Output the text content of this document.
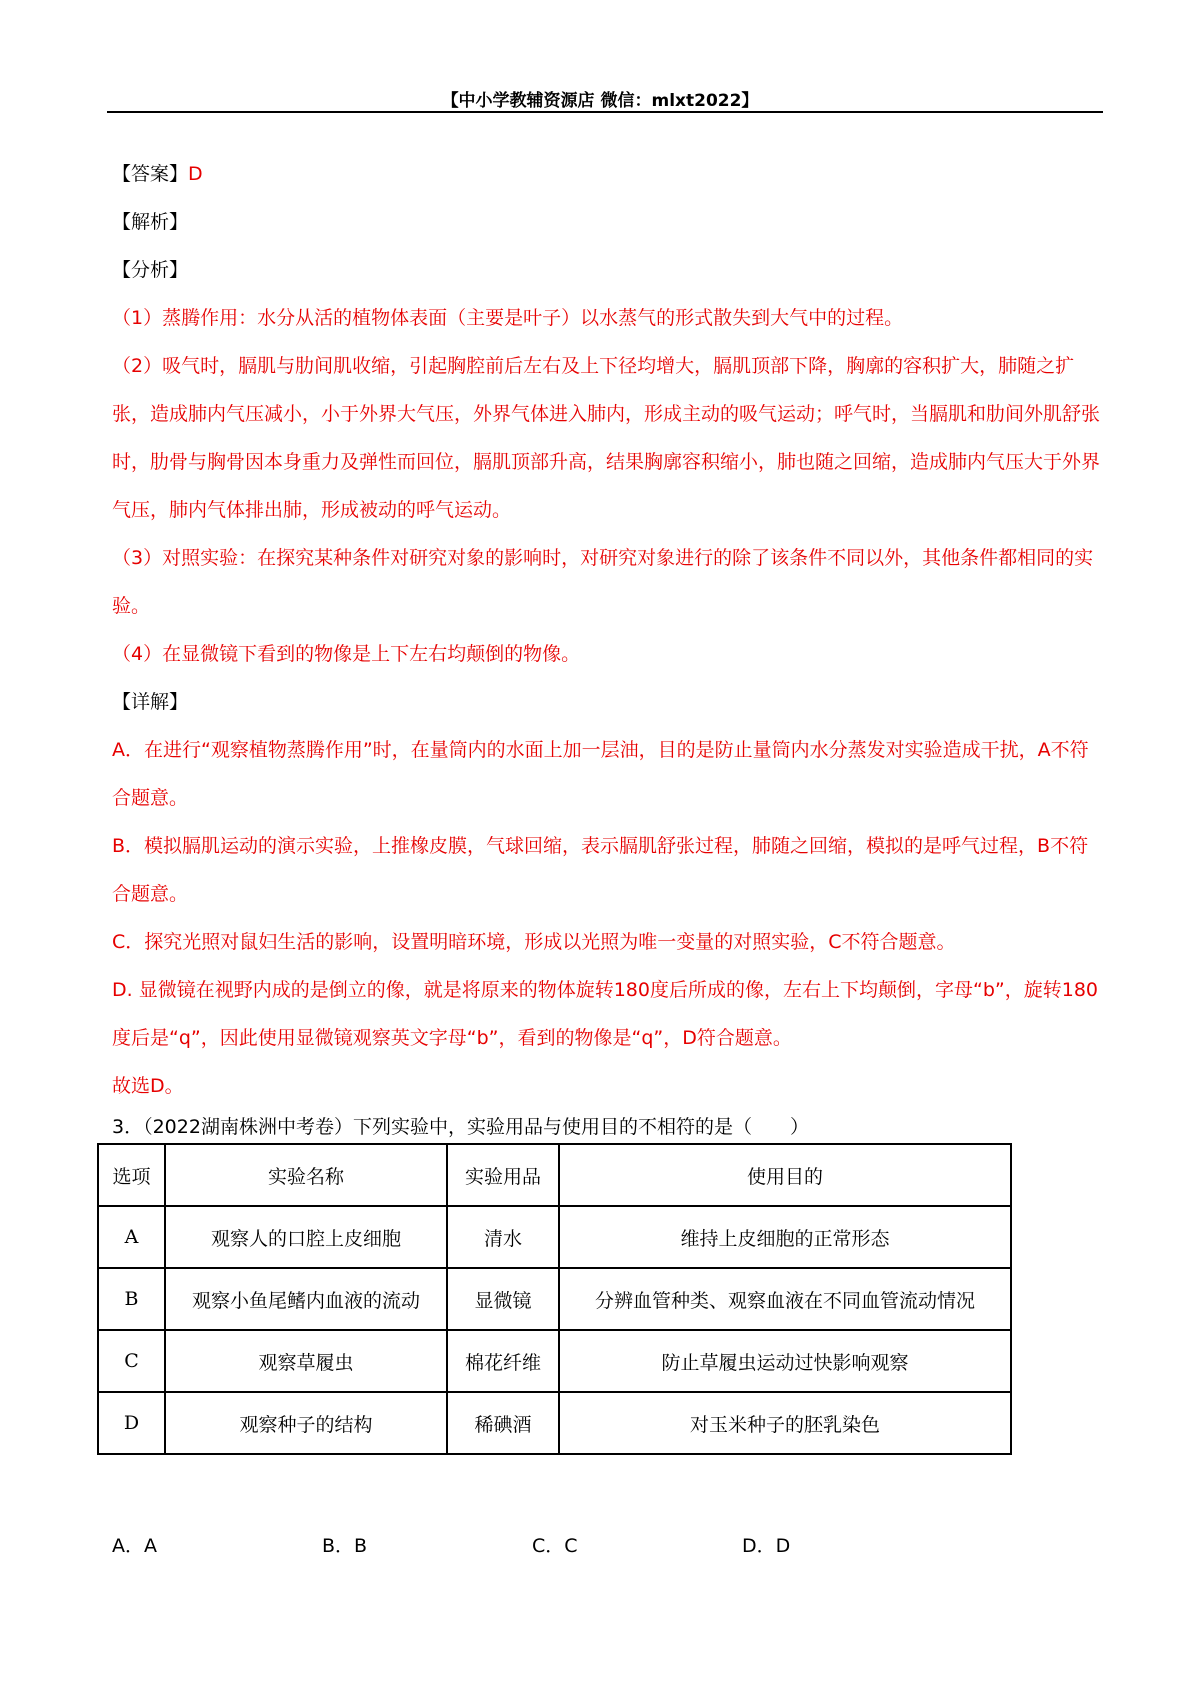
【中小学教辅资源店 微信：mlxt2022】

【答案】D

【解析】

【分析】

（1）蒸腾作用：水分从活的植物体表面（主要是叶子）以水蒸气的形式散失到大气中的过程。

（2）吸气时，膈肌与肋间肌收缩，引起胸腔前后左右及上下径均增大，膈肌顶部下降，胸廓的容积扩大，肺随之扩张，造成肺内气压减小，小于外界大气压，外界气体进入肺内，形成主动的吸气运动；呼气时，当膈肌和肋间外肌舒张时，肋骨与胸骨因本身重力及弹性而回位，膈肌顶部升高，结果胸廓容积缩小，肺也随之回缩，造成肺内气压大于外界气压，肺内气体排出肺，形成被动的呼气运动。

（3）对照实验：在探究某种条件对研究对象的影响时，对研究对象进行的除了该条件不同以外，其他条件都相同的实验。

（4）在显微镜下看到的物像是上下左右均颠倒的物像。

【详解】

A．在进行“观察植物蒸腾作用”时，在量筒内的水面上加一层油，目的是防止量筒内水分蒸发对实验造成干扰，A不符合题意。

B．模拟膈肌运动的演示实验，上推橡皮膜，气球回缩，表示膈肌舒张过程，肺随之回缩，模拟的是呼气过程，B不符合题意。

C．探究光照对鼠妇生活的影响，设置明暗环境，形成以光照为唯一变量的对照实验，C不符合题意。

D. 显微镜在视野内成的是倒立的像，就是将原来的物体旋转180度后所成的像，左右上下均颠倒，字母“b”，旋转180度后是“q”，因此使用显微镜观察英文字母“b”，看到的物像是“q”，D符合题意。

故选D。

3．（2022湖南株洲中考卷）下列实验中，实验用品与使用目的不相符的是（　　）
选项	实验名称	实验用品	使用目的
A	观察人的口腔上皮细胞	清水	维持上皮细胞的正常形态
B	观察小鱼尾鳍内血液的流动	显微镜	分辨血管种类、观察血液在不同血管流动情况
C	观察草履虫	棉花纤维	防止草履虫运动过快影响观察
D	观察种子的结构	稀碘酒	对玉米种子的胚乳染色
A．A	B．B	C．C	D．D
